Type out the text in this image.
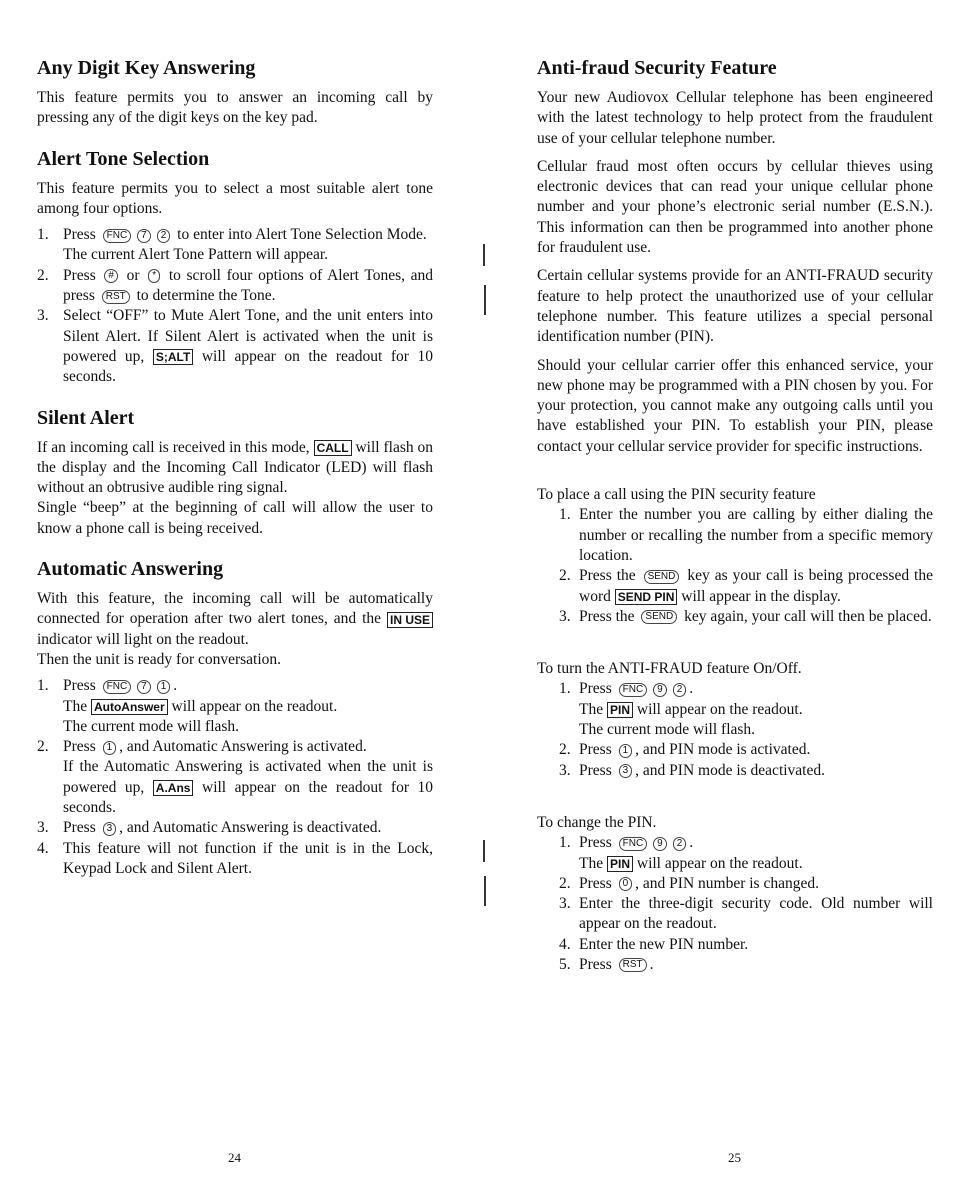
Any Digit Key Answering

This feature permits you to answer an incoming call by pressing any of the digit keys on the key pad.

Alert Tone Selection

This feature permits you to select a most suitable alert tone among four options.

1. Press FNC 7 2 to enter into Alert Tone Selection Mode.
The current Alert Tone Pattern will appear.
2. Press # or * to scroll four options of Alert Tones, and press RST to determine the Tone.
3. Select “OFF” to Mute Alert Tone, and the unit enters into Silent Alert. If Silent Alert is activated when the unit is powered up, S;ALT will appear on the readout for 10 seconds.
Silent Alert

If an incoming call is received in this mode, CALL will flash on the display and the Incoming Call Indicator (LED) will flash without an obtrusive audible ring signal.

Single “beep” at the beginning of call will allow the user to know a phone call is being received.

Automatic Answering

With this feature, the incoming call will be automatically connected for operation after two alert tones, and the IN USE indicator will light on the readout.

Then the unit is ready for conversation.

1. Press FNC 7 1 .
The AutoAnswer will appear on the readout.
The current mode will flash.
2. Press 1 , and Automatic Answering is activated.
If the Automatic Answering is activated when the unit is powered up, A.Ans will appear on the readout for 10 seconds.
3. Press 3 , and Automatic Answering is deactivated.
4. This feature will not function if the unit is in the Lock, Keypad Lock and Silent Alert.
Anti-fraud Security Feature

Your new Audiovox Cellular telephone has been engineered with the latest technology to help protect from the fraudulent use of your cellular telephone number.

Cellular fraud most often occurs by cellular thieves using electronic devices that can read your unique cellular phone number and your phone’s electronic serial number (E.S.N.). This information can then be programmed into another phone for fraudulent use.

Certain cellular systems provide for an ANTI-FRAUD security feature to help protect the unauthorized use of your cellular telephone number. This feature utilizes a special personal identification number (PIN).

Should your cellular carrier offer this enhanced service, your new phone may be programmed with a PIN chosen by you. For your protection, you cannot make any outgoing calls until you have established your PIN. To establish your PIN, please contact your cellular service provider for specific instructions.

To place a call using the PIN security feature

1. Enter the number you are calling by either dialing the number or recalling the number from a specific memory location.
2. Press the SEND key as your call is being processed the word SEND PIN will appear in the display.
3. Press the SEND key again, your call will then be placed.

To turn the ANTI-FRAUD feature On/Off.

1. Press FNC 9 2 .
The PIN will appear on the readout.
The current mode will flash.
2. Press 1 , and PIN mode is activated.
3. Press 3 , and PIN mode is deactivated.

To change the PIN.

1. Press FNC 9 2 .
The PIN will appear on the readout.
2. Press 0 , and PIN number is changed.
3. Enter the three-digit security code. Old number will appear on the readout.
4. Enter the new PIN number.
5. Press RST .
24	25
